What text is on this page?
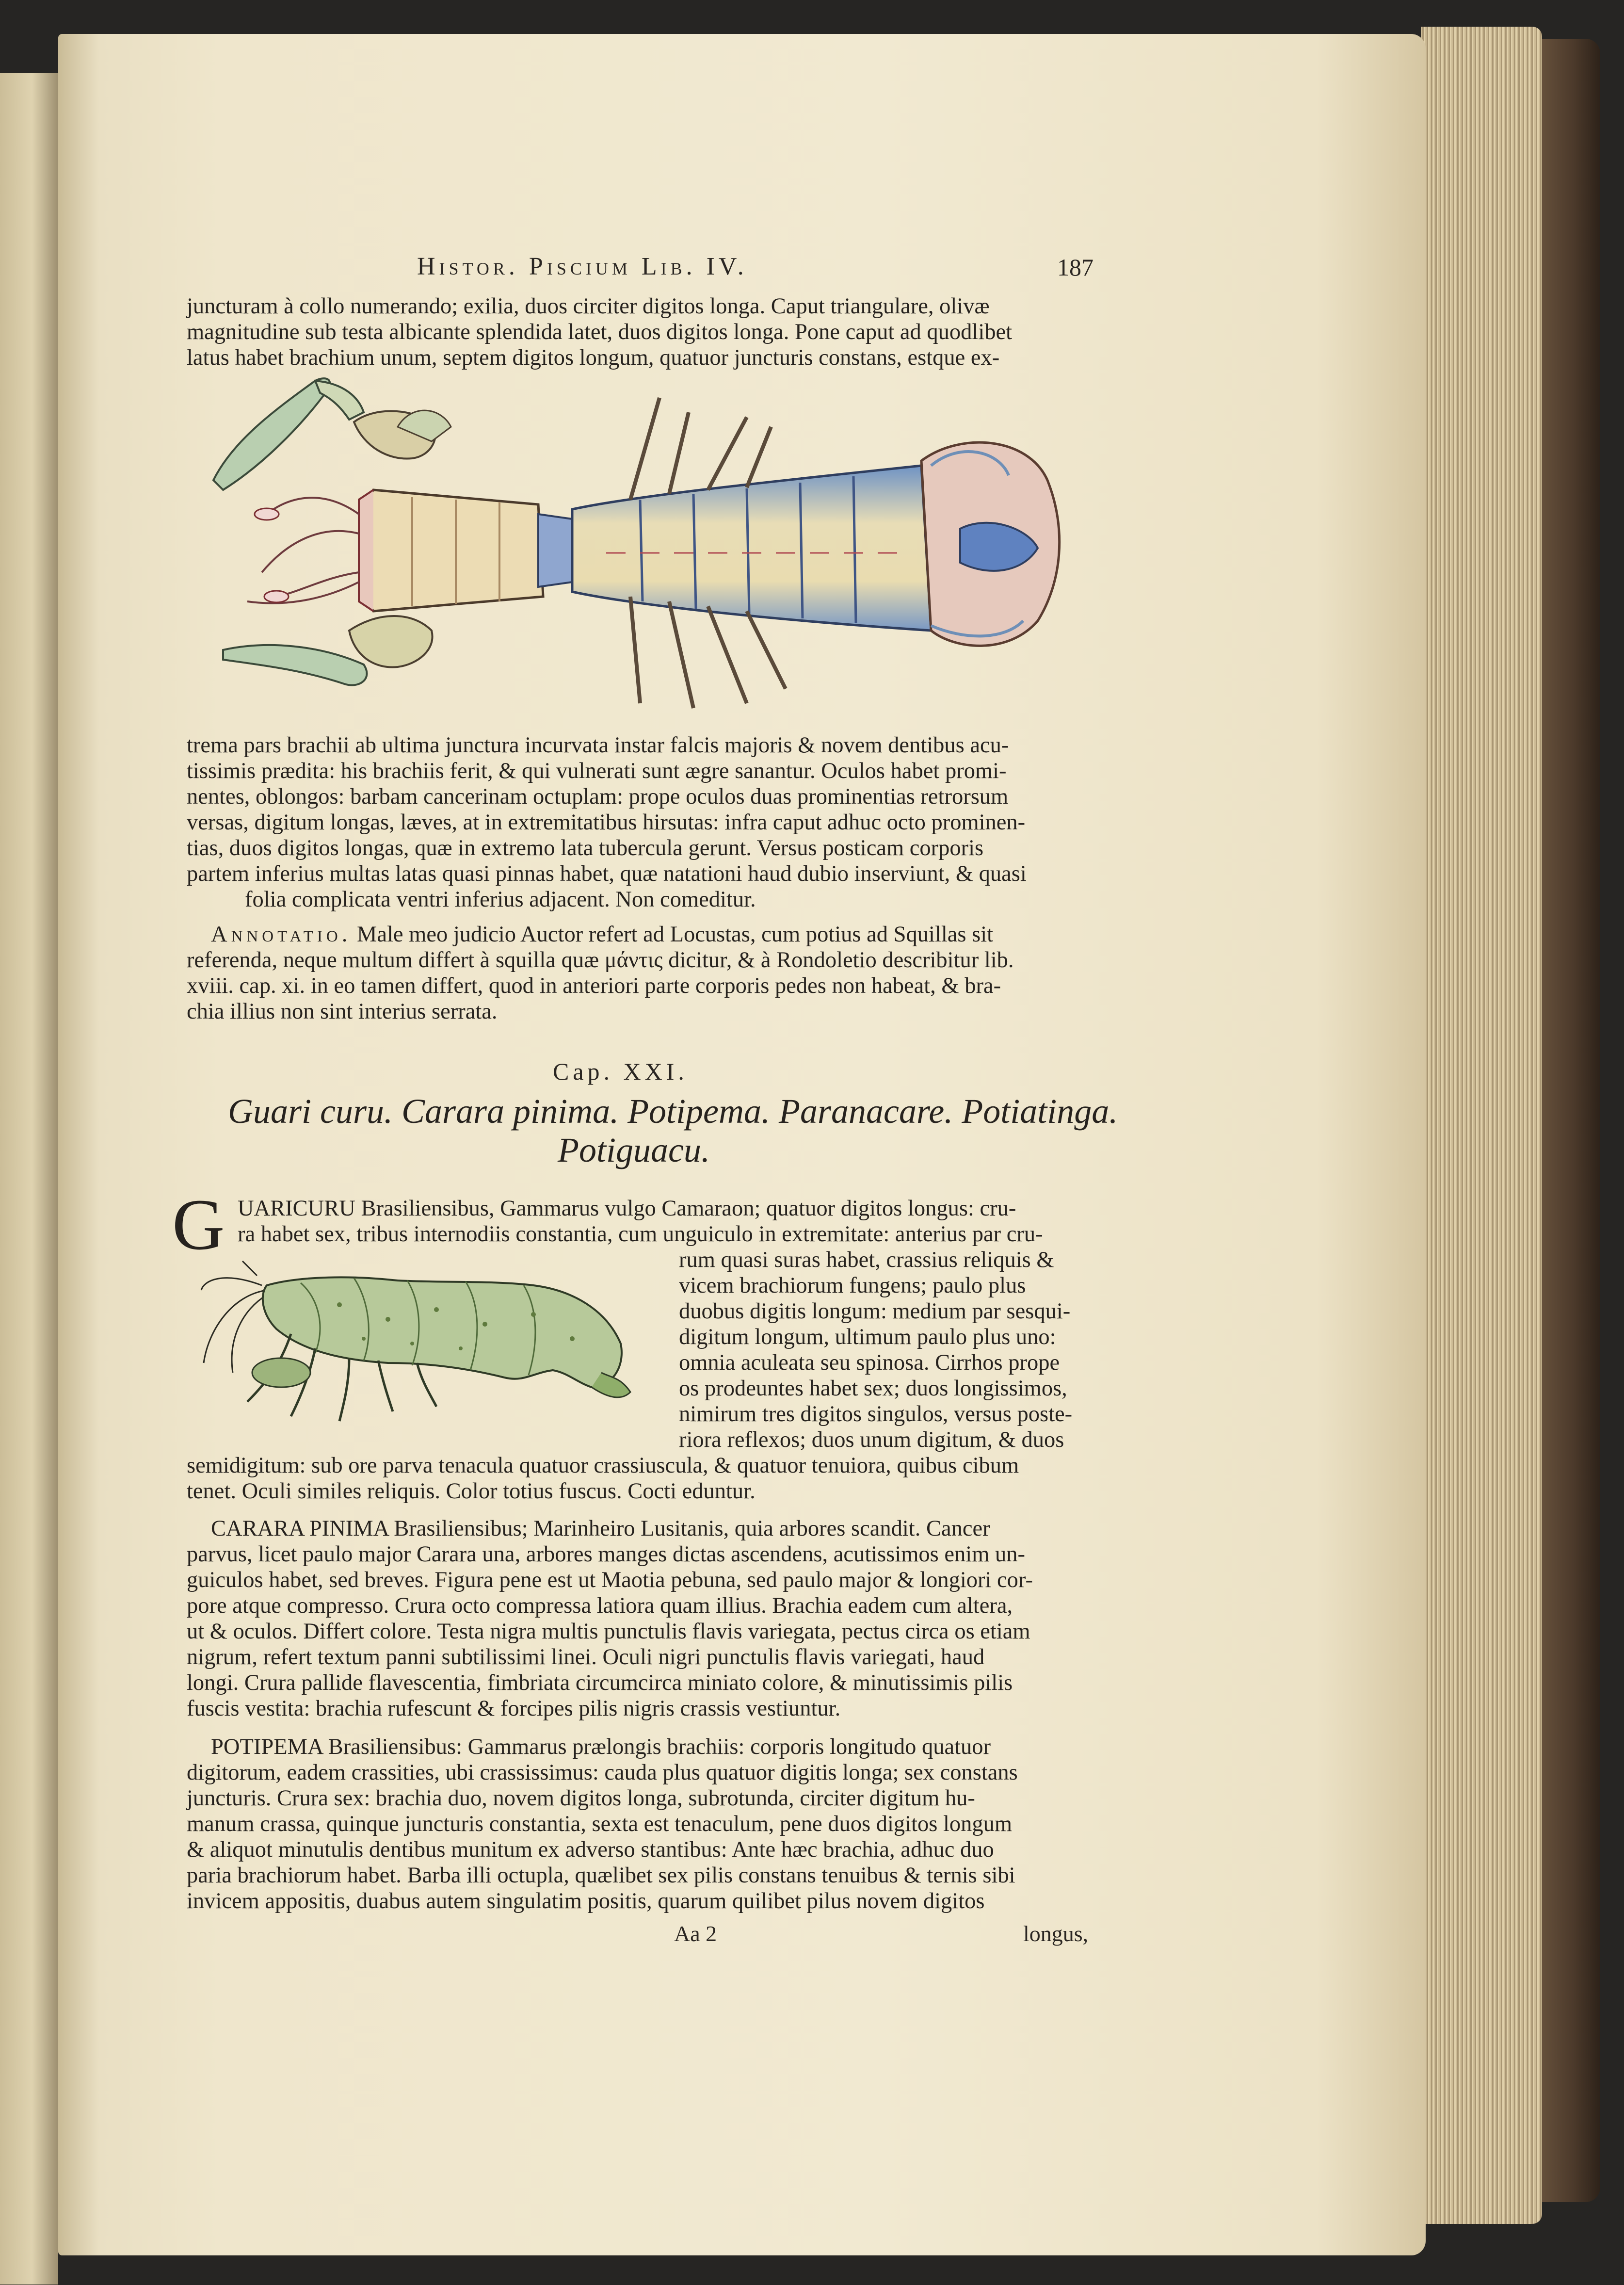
Histor. Piscium Lib. IV.	187
juncturam à collo numerando; exilia, duos circiter digitos longa. Caput triangulare, olivæ
magnitudine sub testa albicante splendida latet, duos digitos longa. Pone caput ad quodlibet
latus habet brachium unum, septem digitos longum, quatuor juncturis constans, estque ex-
trema pars brachii ab ultima junctura incurvata instar falcis majoris & novem dentibus acu-
tissimis prædita: his brachiis ferit, & qui vulnerati sunt ægre sanantur. Oculos habet promi-
nentes, oblongos: barbam cancerinam octuplam: prope oculos duas prominentias retrorsum
versas, digitum longas, læves, at in extremitatibus hirsutas: infra caput adhuc octo prominen-
tias, duos digitos longas, quæ in extremo lata tubercula gerunt. Versus posticam corporis
partem inferius multas latas quasi pinnas habet, quæ natationi haud dubio inserviunt, & quasi
folia complicata ventri inferius adjacent. Non comeditur.
Annotatio. Male meo judicio Auctor refert ad Locustas, cum potius ad Squillas sit
referenda, neque multum differt à squilla quæ μάντις dicitur, & à Rondoletio describitur lib.
xviii. cap. xi. in eo tamen differt, quod in anteriori parte corporis pedes non habeat, & bra-
chia illius non sint interius serrata.
Cap. XXI.
Guari curu. Carara pinima. Potipema. Paranacare. Potiatinga.
Potiguacu.
G UARICURU Brasiliensibus, Gammarus vulgo Camaraon; quatuor digitos longus: cru-
ra habet sex, tribus internodiis constantia, cum unguiculo in extremitate: anterius par cru-
rum quasi suras habet, crassius reliquis &
vicem brachiorum fungens; paulo plus
duobus digitis longum: medium par sesqui-
digitum longum, ultimum paulo plus uno:
omnia aculeata seu spinosa. Cirrhos prope
os prodeuntes habet sex; duos longissimos,
nimirum tres digitos singulos, versus poste-
riora reflexos; duos unum digitum, & duos
semidigitum: sub ore parva tenacula quatuor crassiuscula, & quatuor tenuiora, quibus cibum
tenet. Oculi similes reliquis. Color totius fuscus. Cocti eduntur.
CARARA PINIMA Brasiliensibus; Marinheiro Lusitanis, quia arbores scandit. Cancer
parvus, licet paulo major Carara una, arbores manges dictas ascendens, acutissimos enim un-
guiculos habet, sed breves. Figura pene est ut Maotia pebuna, sed paulo major & longiori cor-
pore atque compresso. Crura octo compressa latiora quam illius. Brachia eadem cum altera,
ut & oculos. Differt colore. Testa nigra multis punctulis flavis variegata, pectus circa os etiam
nigrum, refert textum panni subtilissimi linei. Oculi nigri punctulis flavis variegati, haud
longi. Crura pallide flavescentia, fimbriata circumcirca miniato colore, & minutissimis pilis
fuscis vestita: brachia rufescunt & forcipes pilis nigris crassis vestiuntur.
POTIPEMA Brasiliensibus: Gammarus prælongis brachiis: corporis longitudo quatuor
digitorum, eadem crassities, ubi crassissimus: cauda plus quatuor digitis longa; sex constans
juncturis. Crura sex: brachia duo, novem digitos longa, subrotunda, circiter digitum hu-
manum crassa, quinque juncturis constantia, sexta est tenaculum, pene duos digitos longum
& aliquot minutulis dentibus munitum ex adverso stantibus: Ante hæc brachia, adhuc duo
paria brachiorum habet. Barba illi octupla, quælibet sex pilis constans tenuibus & ternis sibi
invicem appositis, duabus autem singulatim positis, quarum quilibet pilus novem digitos
Aa 2	longus,
